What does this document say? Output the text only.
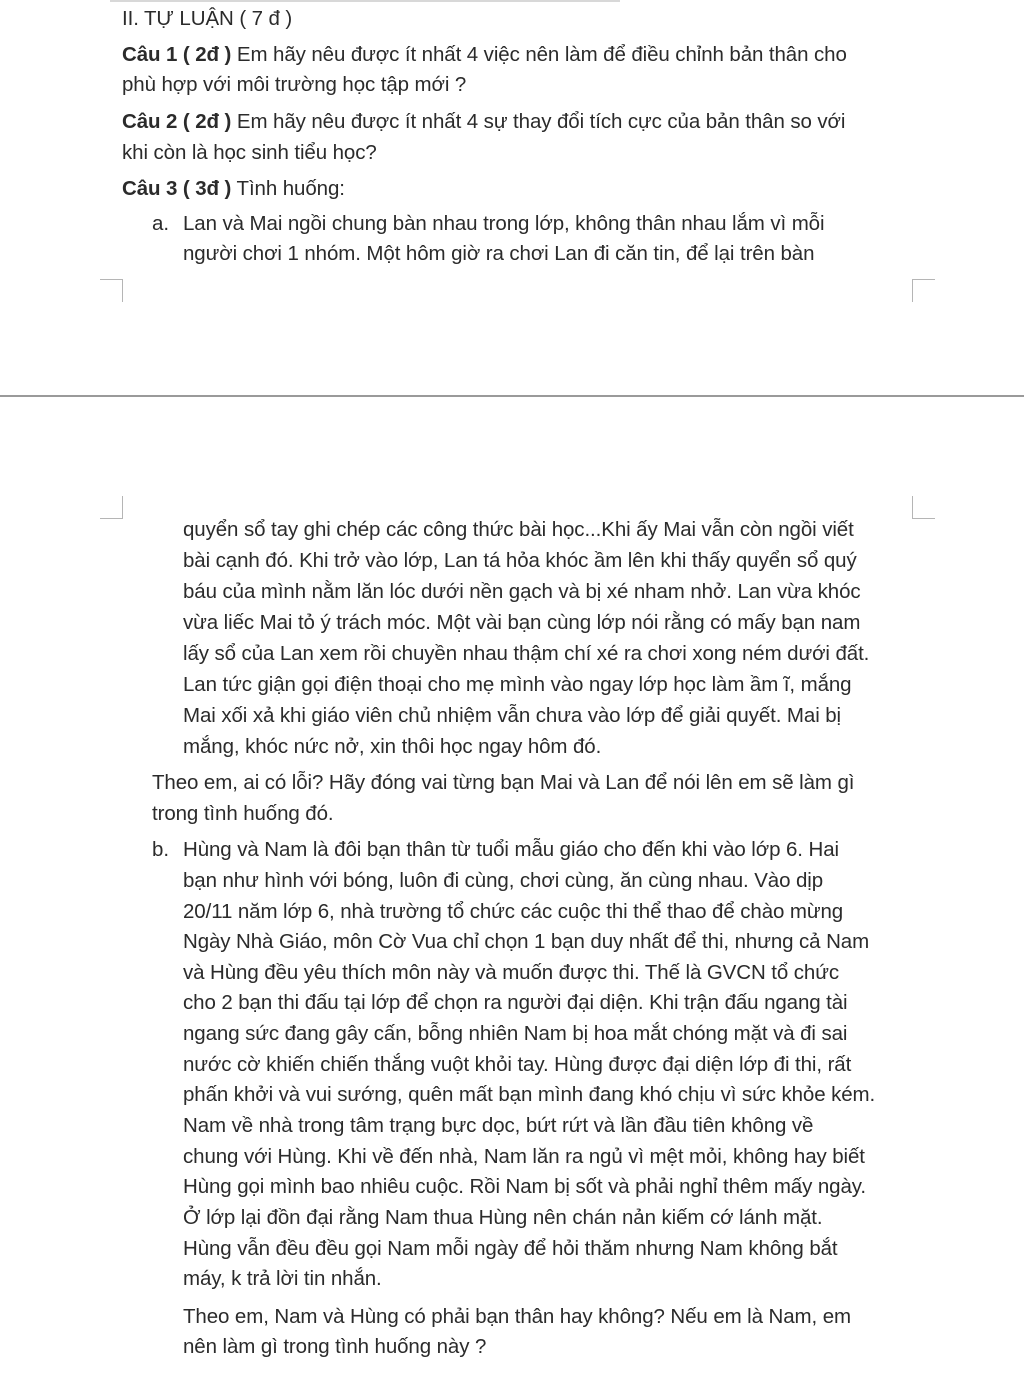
II. TỰ LUẬN ( 7 đ )
Câu 1 ( 2đ ) Em hãy nêu được ít nhất 4 việc nên làm để điều chỉnh bản thân cho
phù hợp với môi trường học tập mới ?
Câu 2 ( 2đ ) Em hãy nêu được ít nhất 4 sự thay đổi tích cực của bản thân so với
khi còn là học sinh tiểu học?
Câu 3 ( 3đ ) Tình huống:
a. Lan và Mai ngồi chung bàn nhau trong lớp, không thân nhau lắm vì mỗi
người chơi 1 nhóm. Một hôm giờ ra chơi Lan đi căn tin, để lại trên bàn
quyển sổ tay ghi chép các công thức bài học...Khi ấy Mai vẫn còn ngồi viết
bài cạnh đó. Khi trở vào lớp, Lan tá hỏa khóc ầm lên khi thấy quyển sổ quý
báu của mình nằm lăn lóc dưới nền gạch và bị xé nham nhở. Lan vừa khóc
vừa liếc Mai tỏ ý trách móc. Một vài bạn cùng lớp nói rằng có mấy bạn nam
lấy sổ của Lan xem rồi chuyền nhau thậm chí xé ra chơi xong ném dưới đất.
Lan tức giận gọi điện thoại cho mẹ mình vào ngay lớp học làm ầm ĩ, mắng
Mai xối xả khi giáo viên chủ nhiệm vẫn chưa vào lớp để giải quyết. Mai bị
mắng, khóc nức nở, xin thôi học ngay hôm đó.
Theo em, ai có lỗi? Hãy đóng vai từng bạn Mai và Lan để nói lên em sẽ làm gì
trong tình huống đó.
b. Hùng và Nam là đôi bạn thân từ tuổi mẫu giáo cho đến khi vào lớp 6. Hai
bạn như hình với bóng, luôn đi cùng, chơi cùng, ăn cùng nhau. Vào dịp
20/11 năm lớp 6, nhà trường tổ chức các cuộc thi thể thao để chào mừng
Ngày Nhà Giáo, môn Cờ Vua chỉ chọn 1 bạn duy nhất để thi, nhưng cả Nam
và Hùng đều yêu thích môn này và muốn được thi. Thế là GVCN tổ chức
cho 2 bạn thi đấu tại lớp để chọn ra người đại diện. Khi trận đấu ngang tài
ngang sức đang gây cấn, bỗng nhiên Nam bị hoa mắt chóng mặt và đi sai
nước cờ khiến chiến thắng vuột khỏi tay. Hùng được đại diện lớp đi thi, rất
phấn khởi và vui sướng, quên mất bạn mình đang khó chịu vì sức khỏe kém.
Nam về nhà trong tâm trạng bực dọc, bứt rứt và lần đầu tiên không về
chung với Hùng. Khi về đến nhà, Nam lăn ra ngủ vì mệt mỏi, không hay biết
Hùng gọi mình bao nhiêu cuộc. Rồi Nam bị sốt và phải nghỉ thêm mấy ngày.
Ở lớp lại đồn đại rằng Nam thua Hùng nên chán nản kiếm cớ lánh mặt.
Hùng vẫn đều đều gọi Nam mỗi ngày để hỏi thăm nhưng Nam không bắt
máy, k trả lời tin nhắn.
Theo em, Nam và Hùng có phải bạn thân hay không? Nếu em là Nam, em
nên làm gì trong tình huống này ?
